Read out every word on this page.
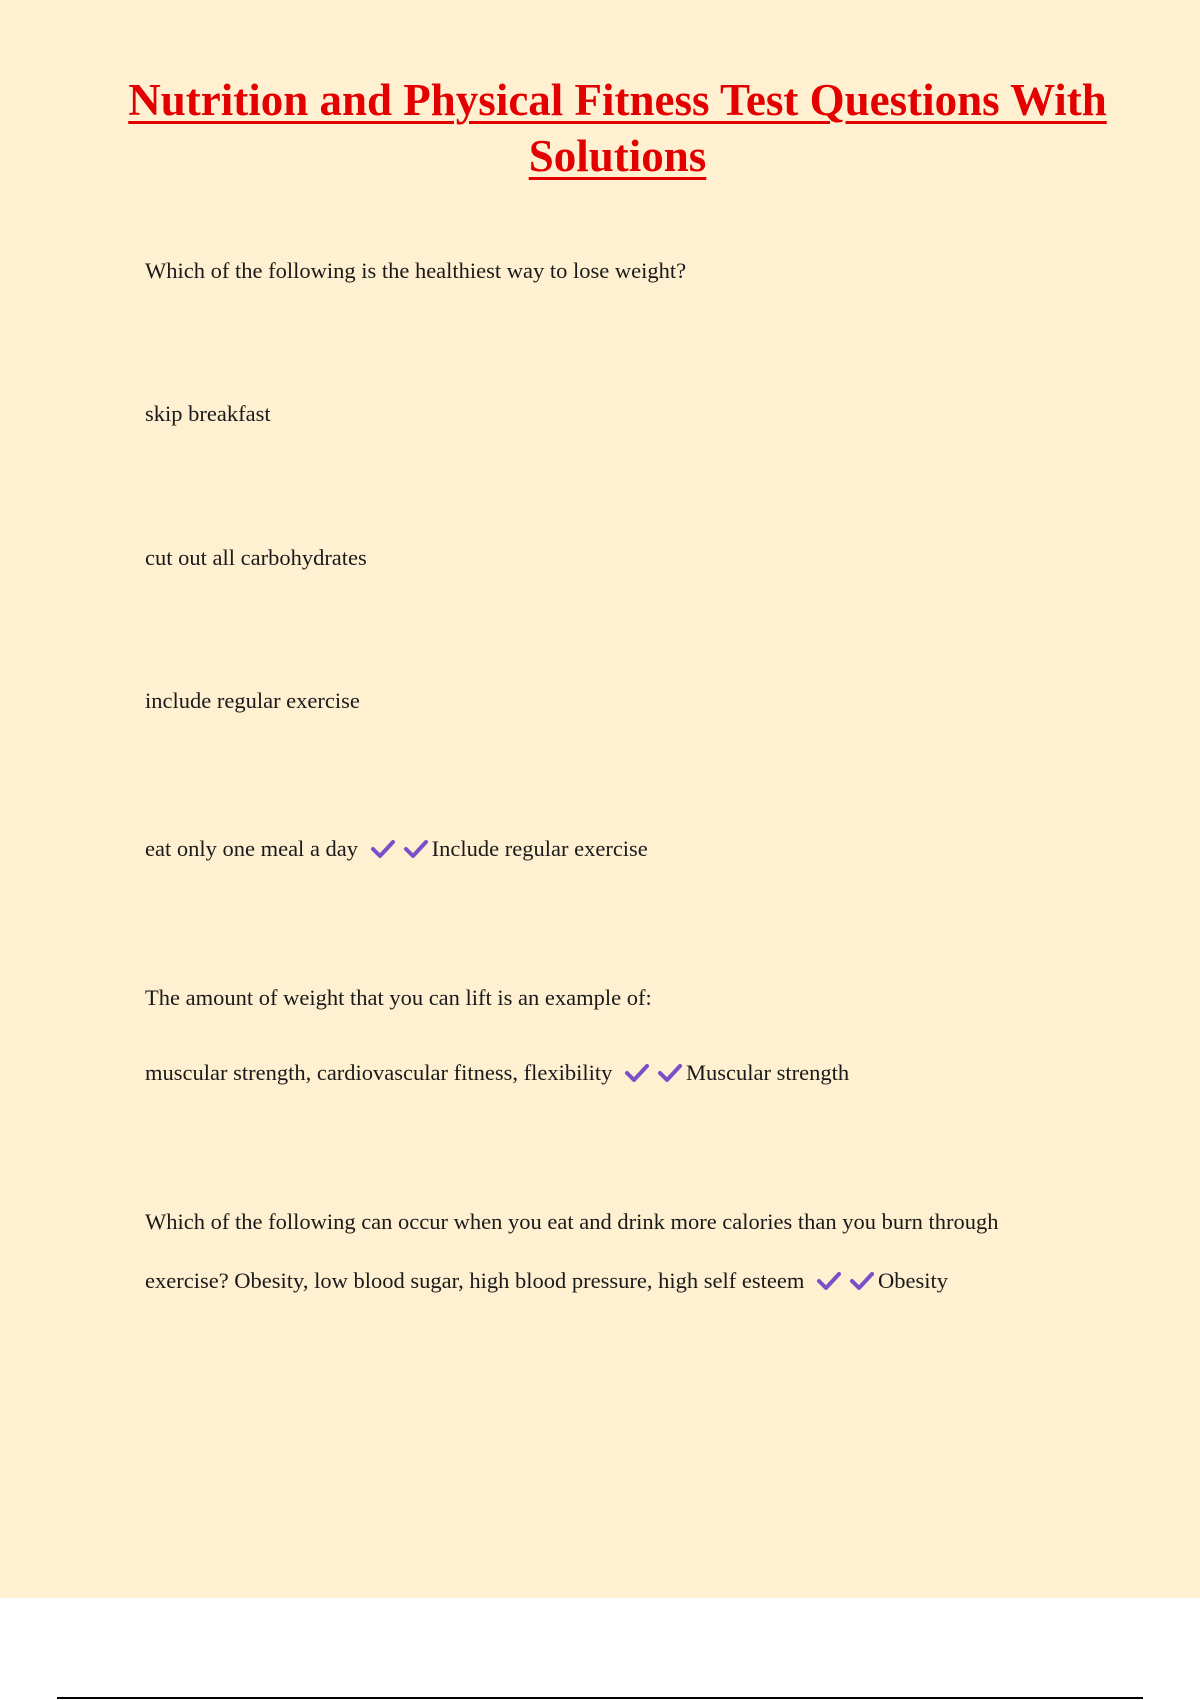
Nutrition and Physical Fitness Test Questions With Solutions

Which of the following is the healthiest way to lose weight?

skip breakfast

cut out all carbohydrates

include regular exercise

eat only one meal a day	Include regular exercise

The amount of weight that you can lift is an example of:

muscular strength, cardiovascular fitness, flexibility	Muscular strength

Which of the following can occur when you eat and drink more calories than you burn through

exercise? Obesity, low blood sugar, high blood pressure, high self esteem	Obesity
